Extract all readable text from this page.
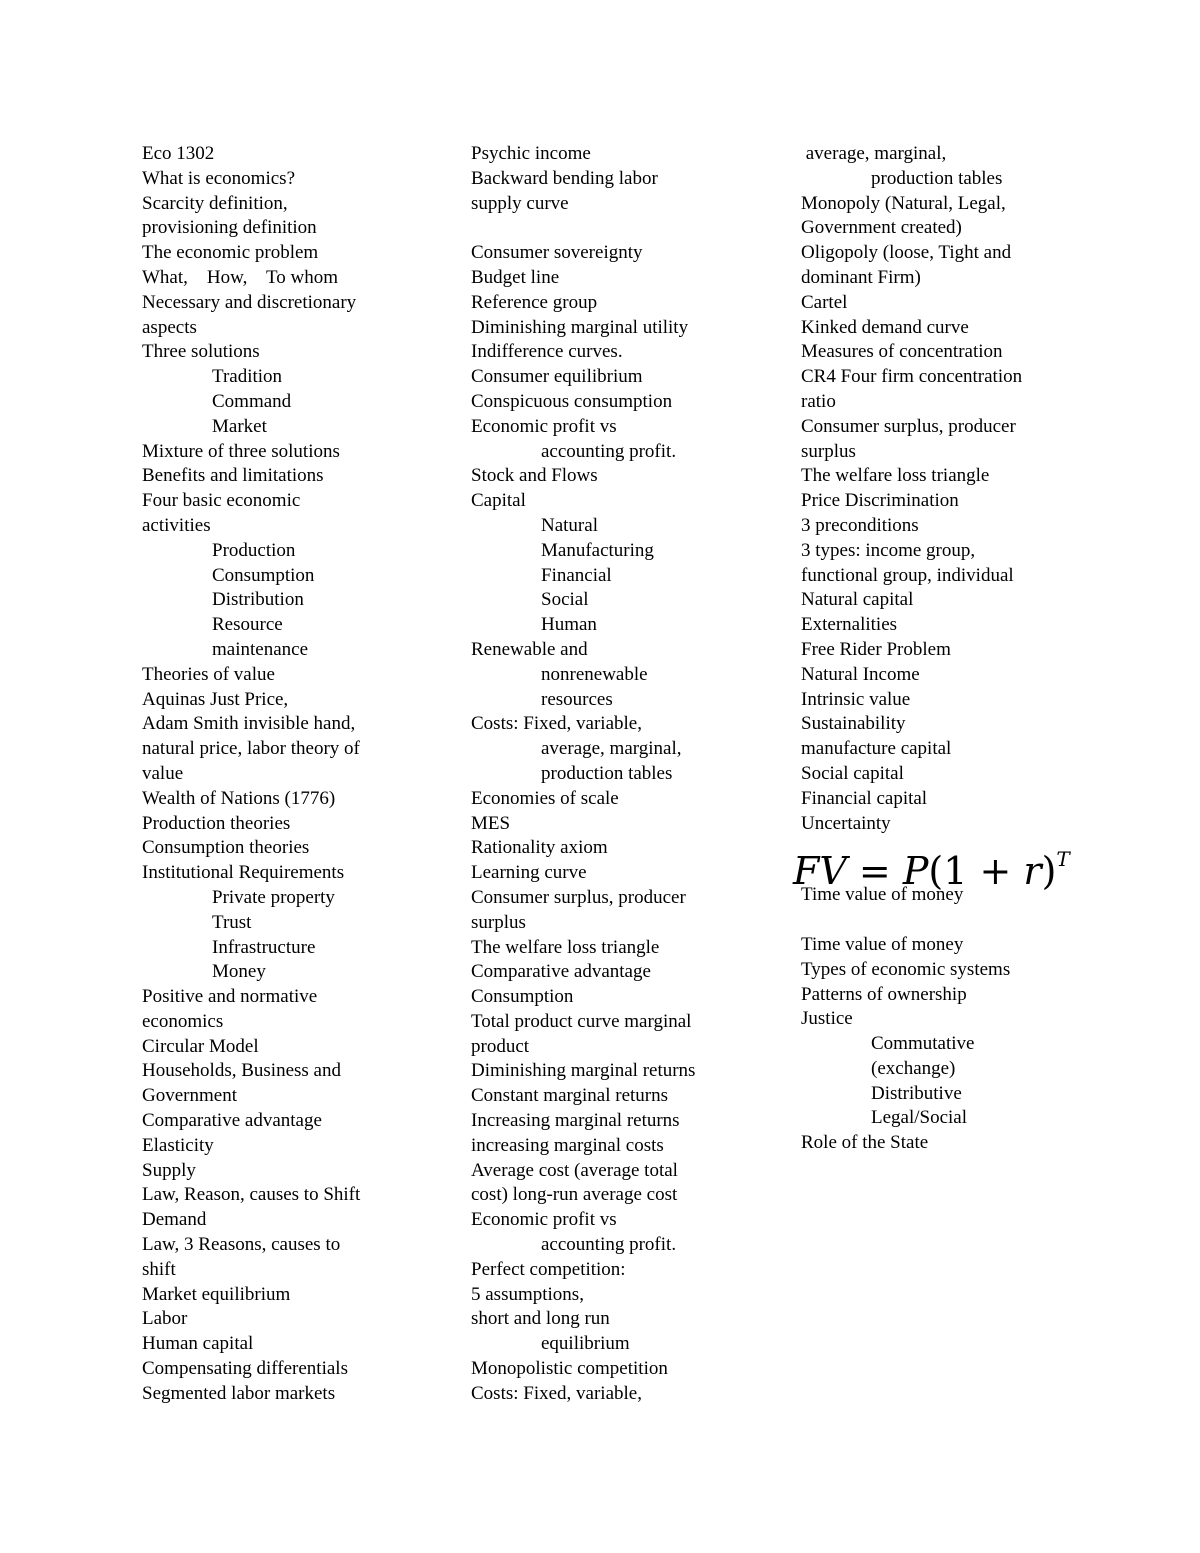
Eco 1302
What is economics?
Scarcity definition,
provisioning definition
The economic problem
What,    How,    To whom
Necessary and discretionary
aspects
Three solutions
Tradition
Command
Market
Mixture of three solutions
Benefits and limitations
Four basic economic
activities
Production
Consumption
Distribution
Resource
maintenance
Theories of value
Aquinas Just Price,
Adam Smith invisible hand,
natural price, labor theory of
value
Wealth of Nations (1776)
Production theories
Consumption theories
Institutional Requirements
Private property
Trust
Infrastructure
Money
Positive and normative
economics
Circular Model
Households, Business and
Government
Comparative advantage
Elasticity
Supply
Law, Reason, causes to Shift
Demand
Law, 3 Reasons, causes to
shift
Market equilibrium
Labor
Human capital
Compensating differentials
Segmented labor markets
Psychic income
Backward bending labor
supply curve
Consumer sovereignty
Budget line
Reference group
Diminishing marginal utility
Indifference curves.
Consumer equilibrium
Conspicuous consumption
Economic profit vs
accounting profit.
Stock and Flows
Capital
Natural
Manufacturing
Financial
Social
Human
Renewable and
nonrenewable
resources
Costs: Fixed, variable,
average, marginal,
production tables
Economies of scale
MES
Rationality axiom
Learning curve
Consumer surplus, producer
surplus
The welfare loss triangle
Comparative advantage
Consumption
Total product curve marginal
product
Diminishing marginal returns
Constant marginal returns
Increasing marginal returns
increasing marginal costs
Average cost (average total
cost) long-run average cost
Economic profit vs
accounting profit.
Perfect competition:
5 assumptions,
short and long run
equilibrium
Monopolistic competition
Costs: Fixed, variable,
average, marginal,
production tables
Monopoly (Natural, Legal,
Government created)
Oligopoly (loose, Tight and
dominant Firm)
Cartel
Kinked demand curve
Measures of concentration
CR4 Four firm concentration
ratio
Consumer surplus, producer
surplus
The welfare loss triangle
Price Discrimination
3 preconditions
3 types: income group,
functional group, individual
Natural capital
Externalities
Free Rider Problem
Natural Income
Intrinsic value
Sustainability
manufacture capital
Social capital
Financial capital
Uncertainty
FV = $P(1 + r)^T$
Time value of money
Time value of money
Types of economic systems
Patterns of ownership
Justice
Commutative
(exchange)
Distributive
Legal/Social
Role of the State
